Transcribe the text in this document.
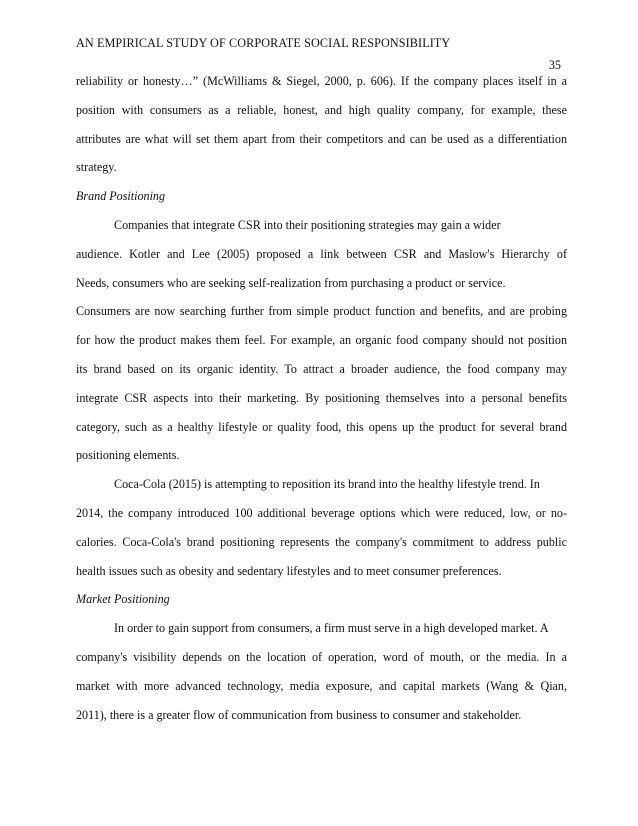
AN EMPIRICAL STUDY OF CORPORATE SOCIAL RESPONSIBILITY
35
reliability or honesty…” (McWilliams & Siegel, 2000, p. 606). If the company places itself in a
position with consumers as a reliable, honest, and high quality company, for example, these
attributes are what will set them apart from their competitors and can be used as a differentiation
strategy.
Brand Positioning
Companies that integrate CSR into their positioning strategies may gain a wider
audience. Kotler and Lee (2005) proposed a link between CSR and Maslow's Hierarchy of
Needs, consumers who are seeking self-realization from purchasing a product or service.
Consumers are now searching further from simple product function and benefits, and are probing
for how the product makes them feel. For example, an organic food company should not position
its brand based on its organic identity. To attract a broader audience, the food company may
integrate CSR aspects into their marketing. By positioning themselves into a personal benefits
category, such as a healthy lifestyle or quality food, this opens up the product for several brand
positioning elements.
Coca-Cola (2015) is attempting to reposition its brand into the healthy lifestyle trend. In
2014, the company introduced 100 additional beverage options which were reduced, low, or no-
calories. Coca-Cola's brand positioning represents the company's commitment to address public
health issues such as obesity and sedentary lifestyles and to meet consumer preferences.
Market Positioning
In order to gain support from consumers, a firm must serve in a high developed market. A
company's visibility depends on the location of operation, word of mouth, or the media. In a
market with more advanced technology, media exposure, and capital markets (Wang & Qian,
2011), there is a greater flow of communication from business to consumer and stakeholder.
